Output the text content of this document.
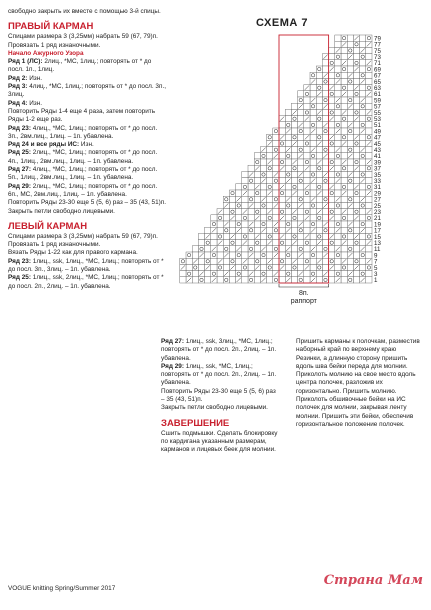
свободно закрыть их вместе с помощью 3-й спицы.

ПРАВЫЙ КАРМАН

Спицами размера 3 (3,25мм) набрать 59 (67, 79)п. Провязать 1 ряд изнаночными.

Начало Ажурного Узора

Ряд 1 (ЛС): 2лиц., *МС, 1лиц.; повторять от * до посл. 1п., 1лиц.

Ряд 2: Изн.

Ряд 3: 4лиц., *МС, 1лиц.; повторять от * до посл. 3п., 3лиц.

Ряд 4: Изн.

Повторить Ряды 1-4 еще 4 раза, затем повторить Ряды 1-2 еще раз.

Ряд 23: 4лиц., *МС, 1лиц.; повторять от * до посл. 3п., 2вм.лиц., 1лиц. – 1п. убавлена.

Ряд 24 и все ряды ИС: Изн.

Ряд 25: 2лиц., *МС, 1лиц.; повторять от * до посл. 4п., 1лиц., 2вм.лиц., 1лиц. – 1п. убавлена.

Ряд 27: 4лиц., *МС, 1лиц.; повторять от * до посл. 5п., 1лиц., 2вм.лиц., 1лиц. – 1п. убавлена.

Ряд 29: 2лиц., *МС, 1лиц.; повторять от * до посл. 6п., МС, 2вм.лиц., 1лиц. – 1п. убавлена.

Повторить Ряды 23-30 еще 5 (5, 6) раз – 35 (43, 51)п.

Закрыть петли свободно лицевыми.

ЛЕВЫЙ КАРМАН

Спицами размера 3 (3,25мм) набрать 59 (67, 79)п. Провязать 1 ряд изнаночными.

Вязать Ряды 1-22 как для правого кармана.

Ряд 23: 1лиц., ssk, 1лиц., *МС, 1лиц.; повторять от * до посл. 3п., 3лиц. – 1п. убавлена.

Ряд 25: 1лиц., ssk, 2лиц., *МС, 1лиц.; повторять от * до посл. 2п., 2лиц. – 1п. убавлена.

Ряд 27: 1лиц., ssk, 3лиц., *МС, 1лиц.; повторять от * до посл. 2п., 2лиц. – 1п. убавлена.

Ряд 29: 1лиц., ssk, *МС, 1лиц.; повторять от * до посл. 2п., 2лиц. – 1п. убавлена.

Повторить Ряды 23-30 еще 5 (5, 6) раз – 35 (43, 51)п.

Закрыть петли свободно лицевыми.

ЗАВЕРШЕНИЕ

Сшить подмышки. Сделать блокировку по кардигана указанным размерам, карманов и лицевых беек для молнии.

Пришить карманы к полочкам, разместив наборный край по верхнему краю Резинки, а длинную сторону пришить вдоль шва бейки переда для молнии.

Приколоть молнию на свое место вдоль центра полочек, разложив их горизонтально. Пришить молнию.

Приколоть обшивочные бейки на ИС полочек для молнии, закрывая ленту молнии. Пришить эти бейки, обеспечив горизонтальное положение полочек.

СХЕМА 7
79
77
75
73
71
69
67
65
63
61
59
57
55
53
51
49
47
45
43
41
39
37
35
33
31
29
27
25
23
21
19
17
15
13
11
9
7
5
3
1
8п.
раппорт
VOGUE knitting Spring/Summer 2017
Страна Мам
